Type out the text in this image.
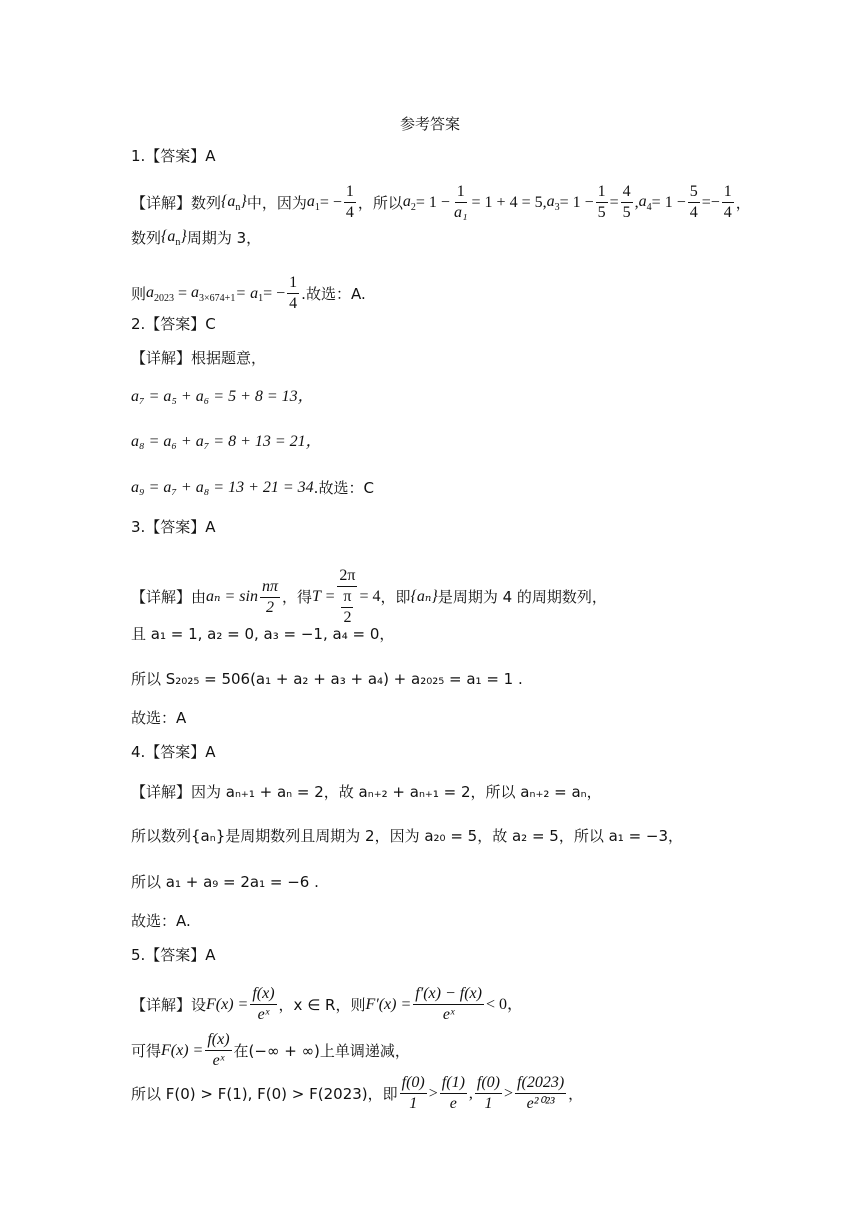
参考答案
1.【答案】A
【详解】数列 $\{a_n\}$ 中，因为 $a_1$ = − $\frac{1}{4}$ ，所以 $a_2 = 1 - \frac{1}{\text{a₁}} = 1 + 4 = 5$, $a_3 = 1 - \frac{1}{5} = \frac{4}{5}$ , $a_4 = 1 - \frac{5}{4}$ = − $\frac{1}{4}$ ，
数列 $\{a_n\}$ 周期为 3，
则 $a_{2023} = a_{3\times 674+1} = a$ $_1$ = − $\frac{1}{4}$ .故选：A.
2.【答案】C
【详解】根据题意，
a₇ = a₅ + a₆ = 5 + 8 = 13，
a₈ = a₆ + a₇ = 8 + 13 = 21，
a₉ = a₇ + a₈ = 13 + 21 = 34 .故选：C
3.【答案】A
【详解】由 $a_n = \sin \frac{n\pi}{2}$ ，得 T = 2π
π
2 = 4 ，即 {aₙ} 是周期为 4 的周期数列，
且 a₁ = 1, a₂ = 0, a₃ = −1, a₄ = 0，
所以 S₂₀₂₅ = 506(a₁ + a₂ + a₃ + a₄) + a₂₀₂₅ = a₁ = 1 .
故选：A
4.【答案】A
【详解】因为 aₙ₊₁ + aₙ = 2，故 aₙ₊₂ + aₙ₊₁ = 2，所以 aₙ₊₂ = aₙ，
所以数列{aₙ}是周期数列且周期为 2，因为 a₂₀ = 5，故 a₂ = 5，所以 a₁ = −3，
所以 a₁ + a₉ = 2a₁ = −6 .
故选：A.
5.【答案】A
【详解】设 $F(x) = \frac{f(x)}{\text{eˣ}}$ ，x ∈ R，则 $F'(x) = \frac{f'(x) - f(x)}{\text{eˣ}} < 0$，
可得 $F(x) = \frac{f(x)}{\text{eˣ}}$ 在(−∞ + ∞)上单调递减，
所以 F(0) > F(1), F(0) > F(2023)，即 $\frac{f(0)}{1} > \frac{f(1)}{e}$ , $\frac{f(0)}{1} > \frac{f(2023)}{\text{e²⁰²³}}$ ，
